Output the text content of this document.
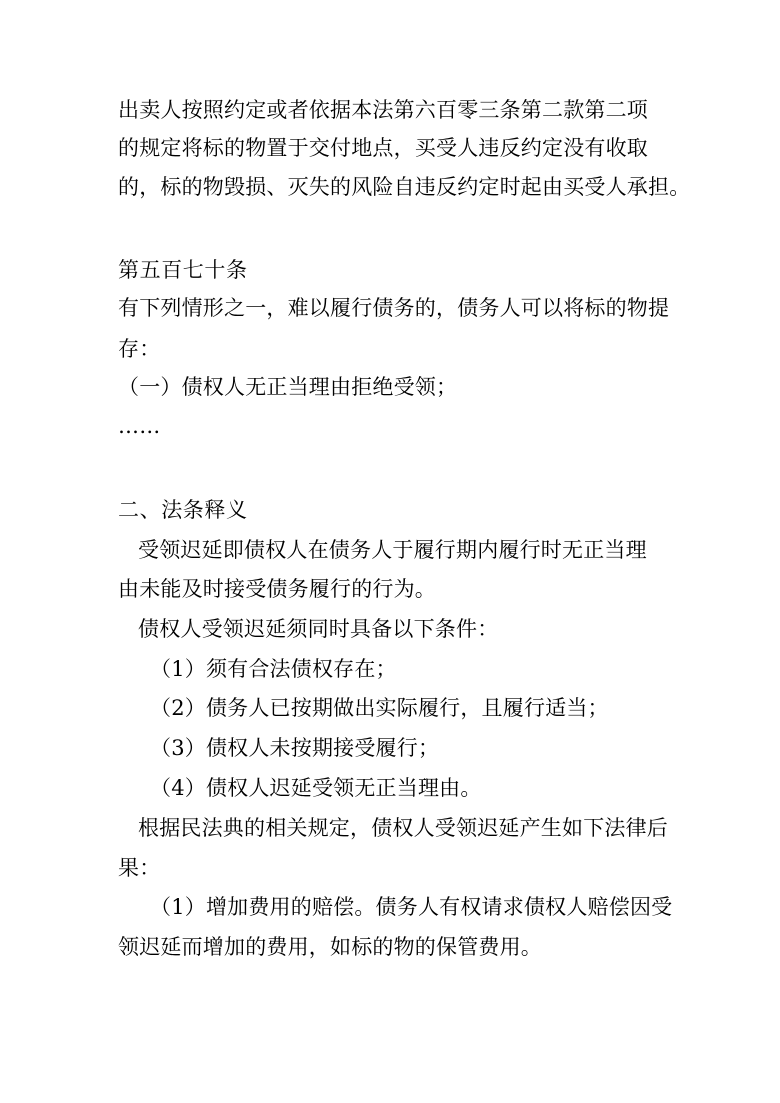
出卖人按照约定或者依据本法第六百零三条第二款第二项
的规定将标的物置于交付地点，买受人违反约定没有收取
的，标的物毁损、灭失的风险自违反约定时起由买受人承担。
第五百七十条
有下列情形之一，难以履行债务的，债务人可以将标的物提
存：
（一）债权人无正当理由拒绝受领；
……
二、法条释义
受领迟延即债权人在债务人于履行期内履行时无正当理
由未能及时接受债务履行的行为。
债权人受领迟延须同时具备以下条件：
（1）须有合法债权存在；
（2）债务人已按期做出实际履行，且履行适当；
（3）债权人未按期接受履行；
（4）债权人迟延受领无正当理由。
根据民法典的相关规定，债权人受领迟延产生如下法律后
果：
（1）增加费用的赔偿。债务人有权请求债权人赔偿因受
领迟延而增加的费用，如标的物的保管费用。
